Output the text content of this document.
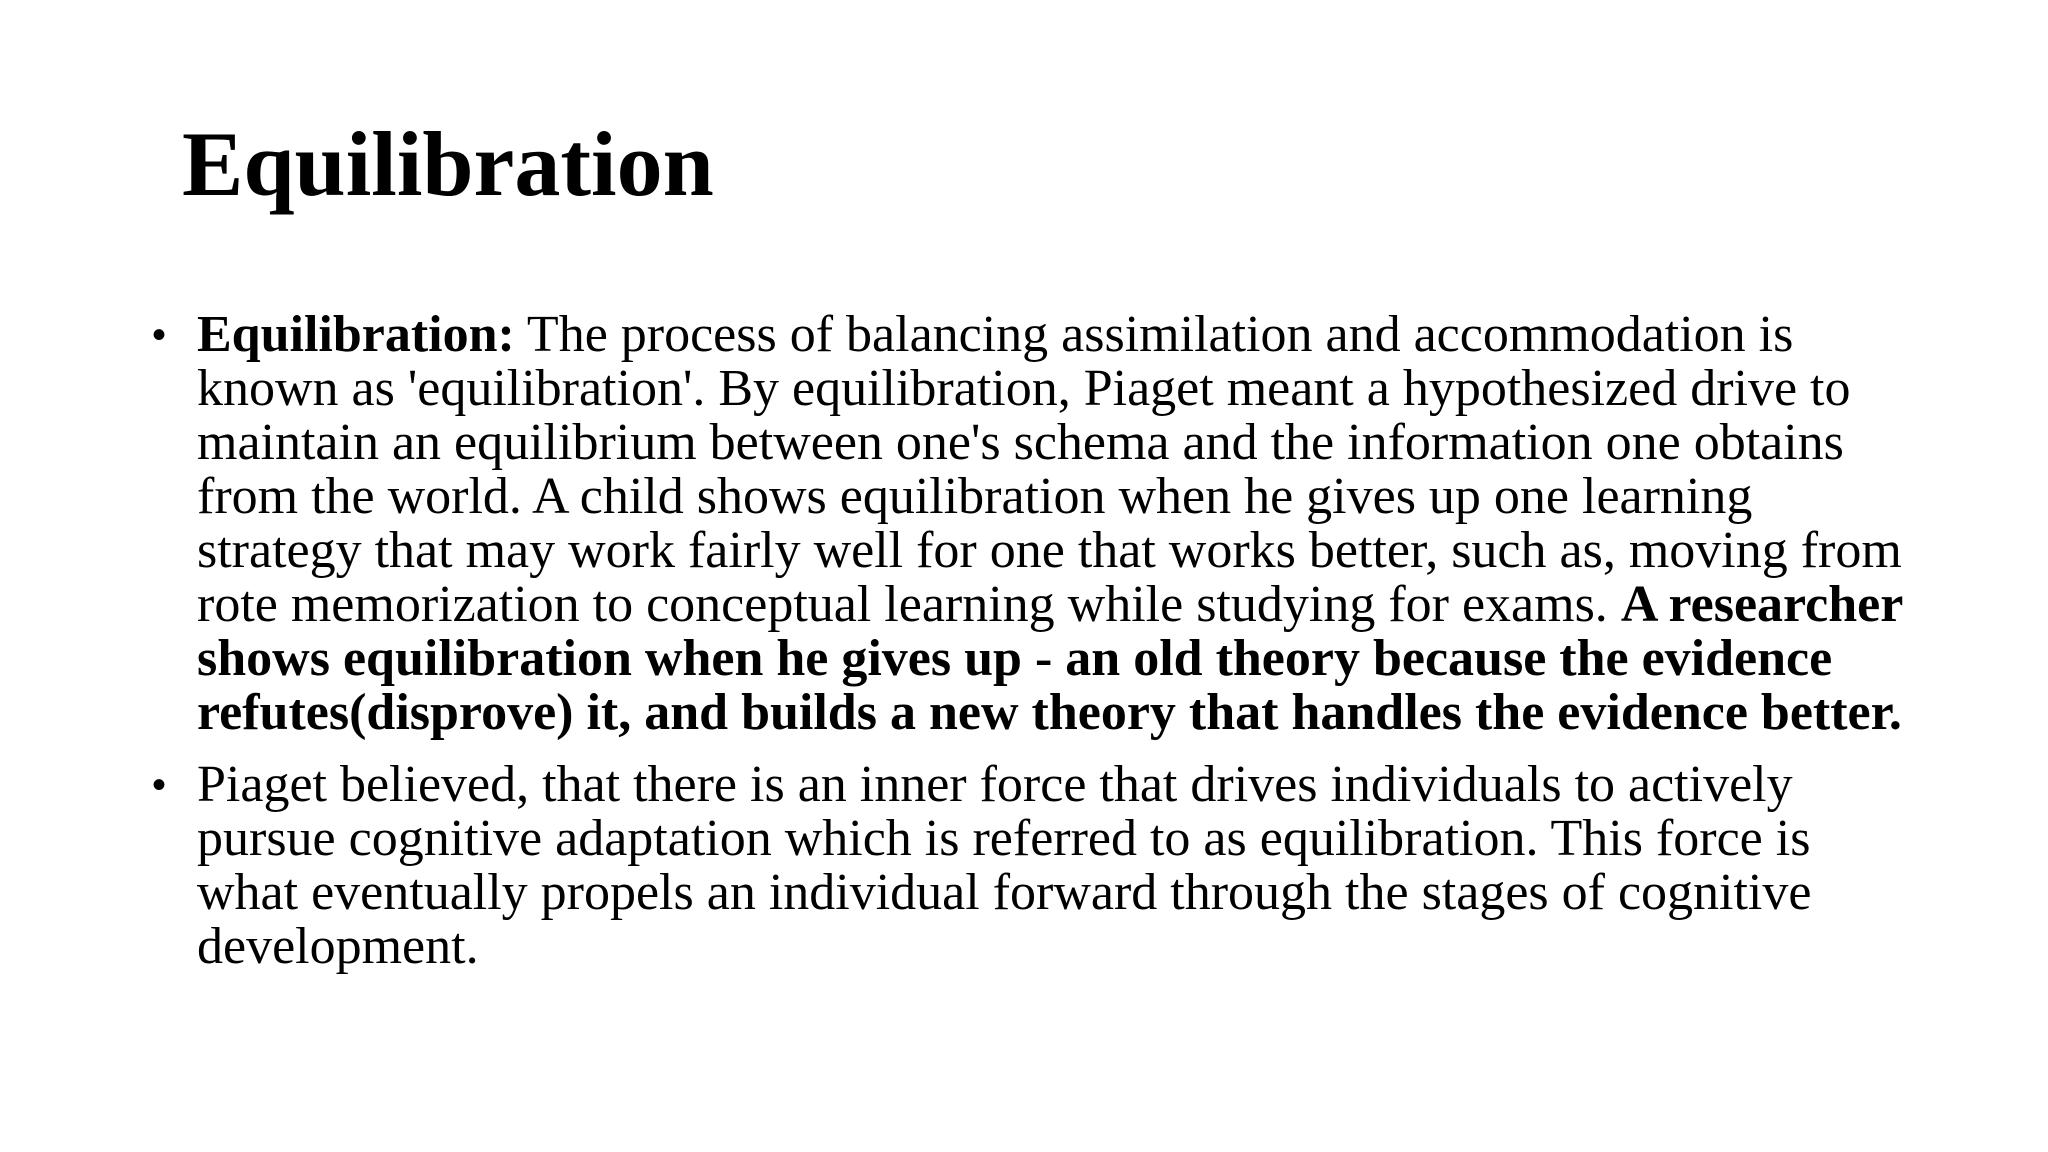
Equilibration
• Equilibration: The process of balancing assimilation and accommodation is known as 'equilibration'. By equilibration, Piaget meant a hypothesized drive to maintain an equilibrium between one's schema and the information one obtains from the world. A child shows equilibration when he gives up one learning strategy that may work fairly well for one that works better, such as, moving from rote memorization to conceptual learning while studying for exams. A researcher shows equilibration when he gives up - an old theory because the evidence refutes(disprove) it, and builds a new theory that handles the evidence better.
• Piaget believed, that there is an inner force that drives individuals to actively pursue cognitive adaptation which is referred to as equilibration. This force is what eventually propels an individual forward through the stages of cognitive development.
